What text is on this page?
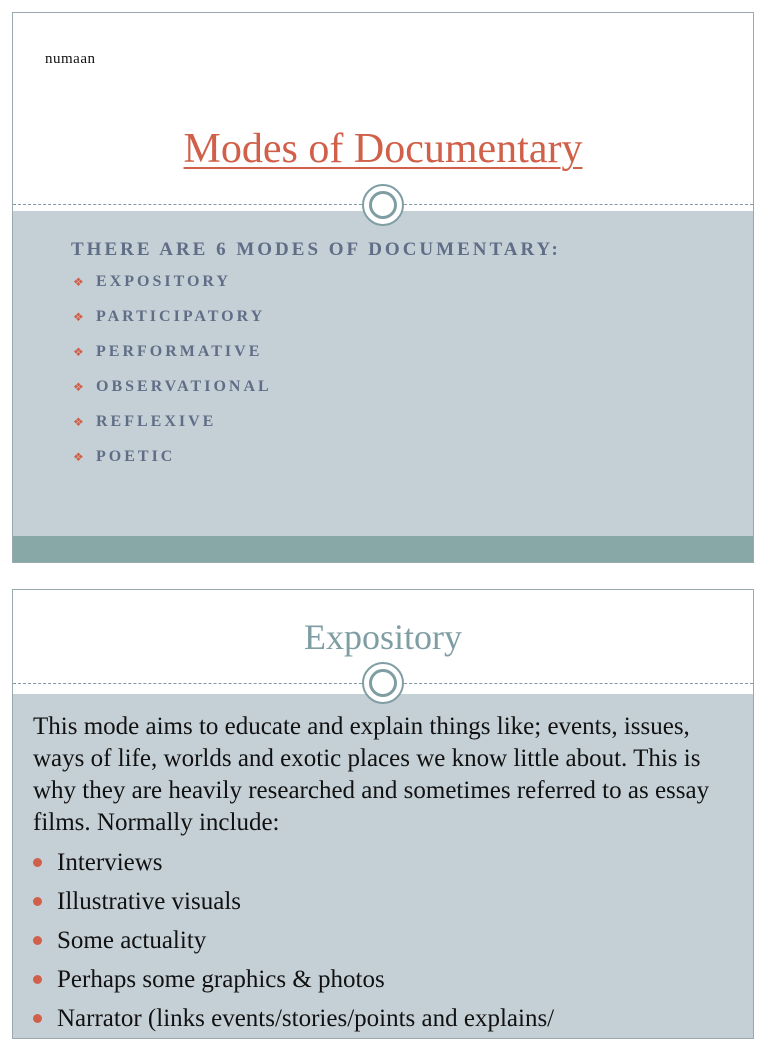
numaan
Modes of Documentary
THERE ARE 6 MODES OF DOCUMENTARY:
❖ EXPOSITORY
❖ PARTICIPATORY
❖ PERFORMATIVE
❖ OBSERVATIONAL
❖ REFLEXIVE
❖ POETIC
Expository
This mode aims to educate and explain things like; events, issues, ways of life, worlds and exotic places we know little about. This is why they are heavily researched and sometimes referred to as essay films. Normally include:
Interviews
Illustrative visuals
Some actuality
Perhaps some graphics & photos
Narrator (links events/stories/points and explains/
